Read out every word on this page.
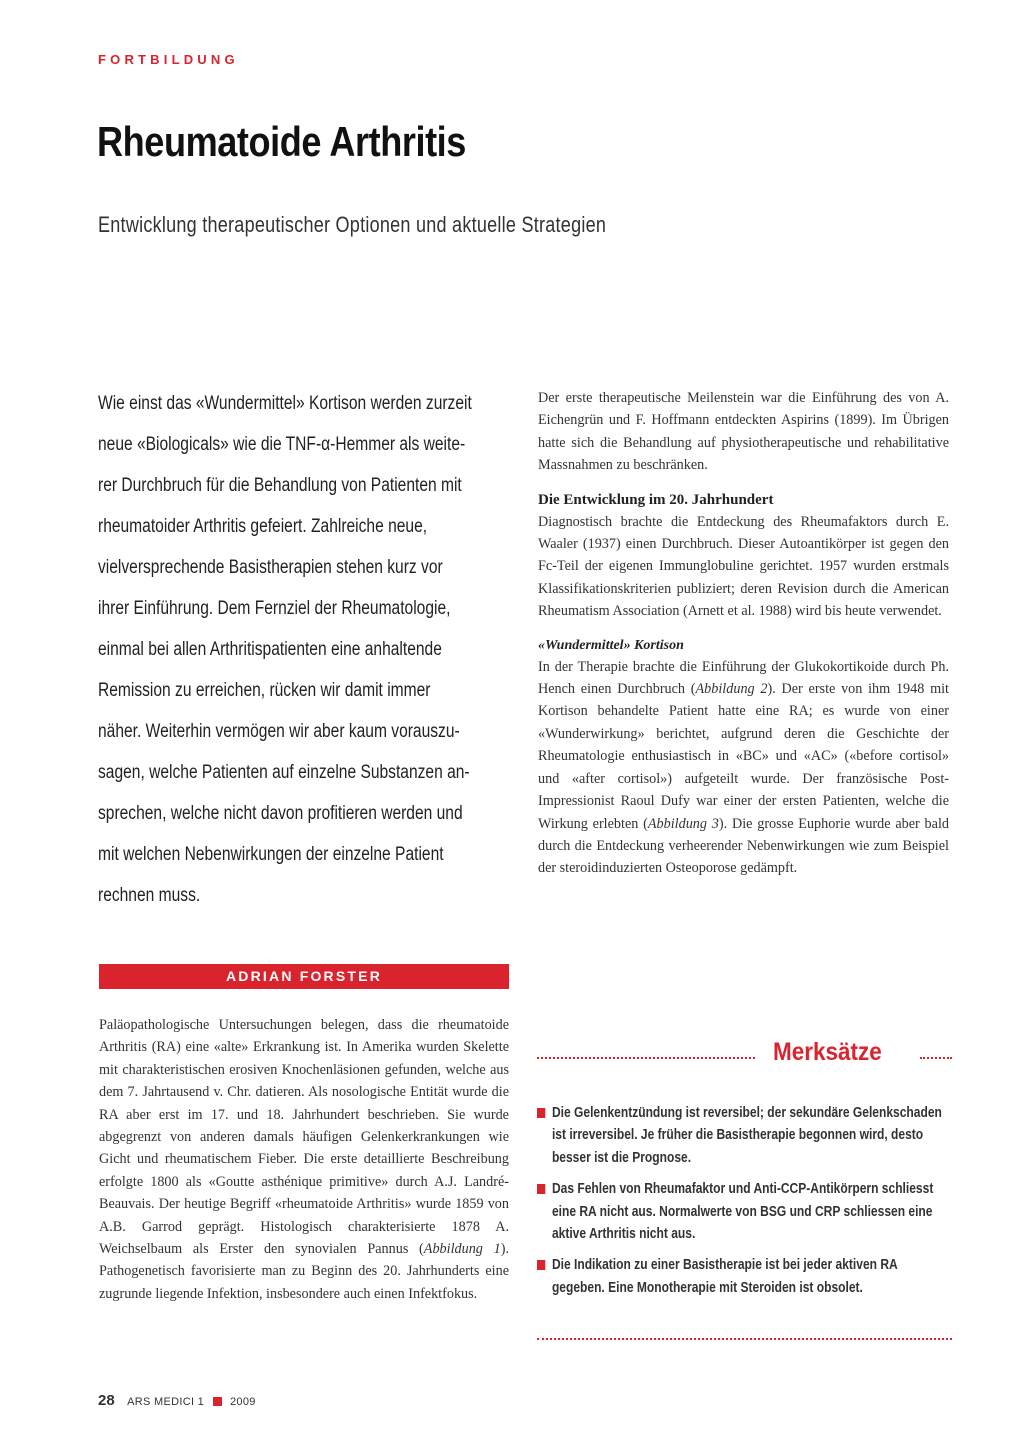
FORTBILDUNG
Rheumatoide Arthritis
Entwicklung therapeutischer Optionen und aktuelle Strategien

Wie einst das «Wundermittel» Kortison werden zurzeit

neue «Biologicals» wie die TNF-α-Hemmer als weite-

rer Durchbruch für die Behandlung von Patienten mit

rheumatoider Arthritis gefeiert. Zahlreiche neue,

vielversprechende Basistherapien stehen kurz vor

ihrer Einführung. Dem Fernziel der Rheumatologie,

einmal bei allen Arthritispatienten eine anhaltende

Remission zu erreichen, rücken wir damit immer

näher. Weiterhin vermögen wir aber kaum vorauszu-

sagen, welche Patienten auf einzelne Substanzen an-

sprechen, welche nicht davon profitieren werden und

mit welchen Nebenwirkungen der einzelne Patient

rechnen muss.

ADRIAN FORSTER

Paläopathologische Untersuchungen belegen, dass die rheumatoide Arthritis (RA) eine «alte» Erkrankung ist. In Amerika wurden Skelette mit charakteristischen erosiven Knochenläsionen gefunden, welche aus dem 7. Jahrtausend v. Chr. datieren. Als nosologische Entität wurde die RA aber erst im 17. und 18. Jahrhundert beschrieben. Sie wurde abgegrenzt von anderen damals häufigen Gelenkerkrankungen wie Gicht und rheumatischem Fieber. Die erste detaillierte Beschreibung erfolgte 1800 als «Goutte asthénique primitive» durch A.J. Landré-Beauvais. Der heutige Begriff «rheumatoide Arthritis» wurde 1859 von A.B. Garrod geprägt. Histologisch charakterisierte 1878 A. Weichselbaum als Erster den synovialen Pannus (Abbildung 1). Pathogenetisch favorisierte man zu Beginn des 20. Jahrhunderts eine zugrunde liegende Infektion, insbesondere auch einen Infektfokus.

Der erste therapeutische Meilenstein war die Einführung des von A. Eichengrün und F. Hoffmann entdeckten Aspirins (1899). Im Übrigen hatte sich die Behandlung auf physiotherapeutische und rehabilitative Massnahmen zu beschränken.

Die Entwicklung im 20. Jahrhundert

Diagnostisch brachte die Entdeckung des Rheumafaktors durch E. Waaler (1937) einen Durchbruch. Dieser Autoantikörper ist gegen den Fc-Teil der eigenen Immunglobuline gerichtet. 1957 wurden erstmals Klassifikationskriterien publiziert; deren Revision durch die American Rheumatism Association (Arnett et al. 1988) wird bis heute verwendet.

«Wundermittel» Kortison

In der Therapie brachte die Einführung der Glukokortikoide durch Ph. Hench einen Durchbruch (Abbildung 2). Der erste von ihm 1948 mit Kortison behandelte Patient hatte eine RA; es wurde von einer «Wunderwirkung» berichtet, aufgrund deren die Geschichte der Rheumatologie enthusiastisch in «BC» und «AC» («before cortisol» und «after cortisol») aufgeteilt wurde. Der französische Post-Impressionist Raoul Dufy war einer der ersten Patienten, welche die Wirkung erlebten (Abbildung 3). Die grosse Euphorie wurde aber bald durch die Entdeckung verheerender Nebenwirkungen wie zum Beispiel der steroidinduzierten Osteoporose gedämpft.

Merksätze
Die Gelenkentzündung ist reversibel; der sekundäre Gelenkschaden ist irreversibel. Je früher die Basistherapie begonnen wird, desto besser ist die Prognose.
Das Fehlen von Rheumafaktor und Anti-CCP-Antikörpern schliesst eine RA nicht aus. Normalwerte von BSG und CRP schliessen eine aktive Arthritis nicht aus.
Die Indikation zu einer Basistherapie ist bei jeder aktiven RA gegeben. Eine Monotherapie mit Steroiden ist obsolet.
28 ARS MEDICI 1 2009
